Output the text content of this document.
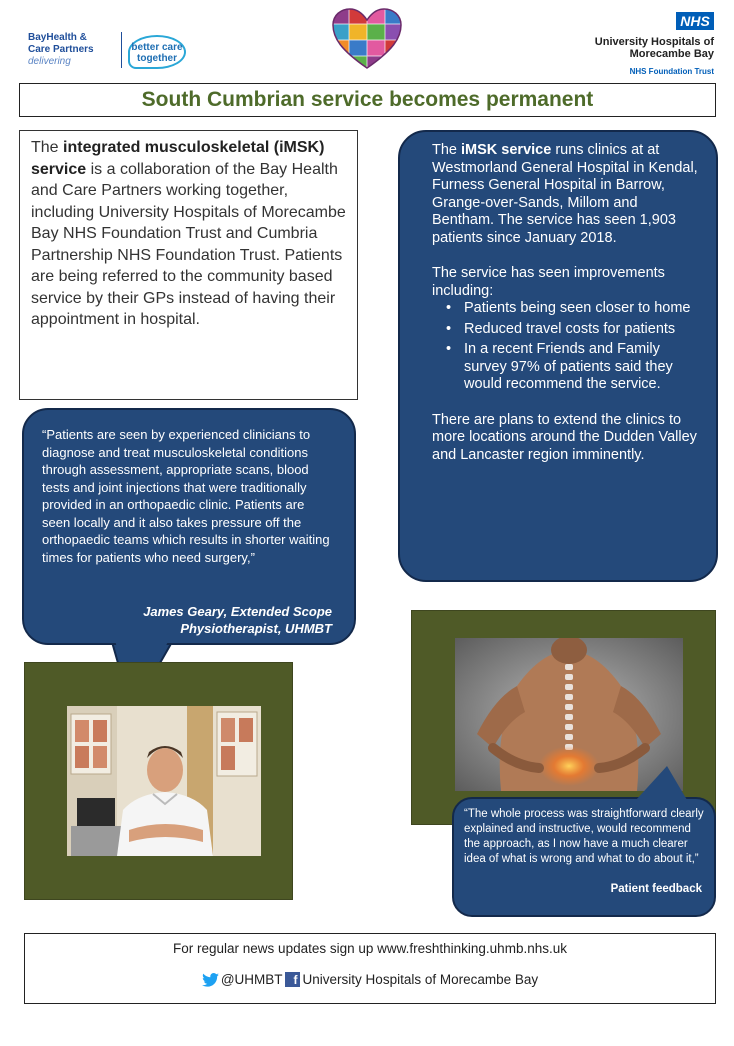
BayHealth &
Care Partners
delivering
better care
together
NHS
University Hospitals of
Morecambe Bay
NHS Foundation Trust
South Cumbrian service becomes permanent
The integrated musculoskeletal (iMSK) service is a collaboration of the Bay Health and Care Partners working together, including University Hospitals of Morecambe Bay NHS Foundation Trust and Cumbria Partnership NHS Foundation Trust. Patients are being referred to the community based service by their GPs instead of having their appointment in hospital.

The iMSK service runs clinics at at Westmorland General Hospital in Kendal, Furness General Hospital in Barrow, Grange-over-Sands, Millom and Bentham. The service has seen 1,903 patients since January 2018.

The service has seen improvements including:

• Patients being seen closer to home
• Reduced travel costs for patients
• In a recent Friends and Family survey 97% of patients said they would recommend the service.

There are plans to extend the clinics to more locations around the Dudden Valley and Lancaster region imminently.

“Patients are seen by experienced clinicians to diagnose and treat musculoskeletal conditions through assessment, appropriate scans, blood tests and joint injections that were traditionally provided in an orthopaedic clinic. Patients are seen locally and it also takes pressure off the orthopaedic teams which results in shorter waiting times for patients who need surgery,”
James Geary, Extended Scope
Physiotherapist, UHMBT
“The whole process was straightforward clearly explained and instructive, would recommend the approach, as I now have a much clearer idea of what is wrong and what to do about it,”
Patient feedback
For regular news updates sign up www.freshthinking.uhmb.nhs.uk
@UHMBT f University Hospitals of Morecambe Bay
